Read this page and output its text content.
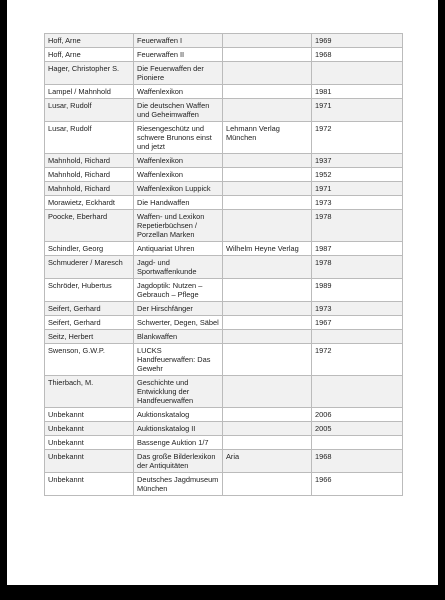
Hoff, Arne	Feuerwaffen I		1969
Hoff, Arne	Feuerwaffen II		1968
Hager, Christopher S.	Die Feuerwaffen der Pioniere		
Lampel / Mahnhold	Waffenlexikon		1981
Lusar, Rudolf	Die deutschen Waffen und Geheimwaffen		1971
Lusar, Rudolf	Riesengeschütz und schwere Brunons einst und jetzt	Lehmann Verlag München	1972
Mahnhold, Richard	Waffenlexikon		1937
Mahnhold, Richard	Waffenlexikon		1952
Mahnhold, Richard	Waffenlexikon Luppick		1971
Morawietz, Eckhardt	Die Handwaffen		1973
Poocke, Eberhard	Waffen- und Lexikon Repetierbüchsen / Porzellan Marken		1978
Schindler, Georg	Antiquariat Uhren	Wilhelm Heyne Verlag	1987
Schmuderer / Maresch	Jagd- und Sportwaffenkunde		1978
Schröder, Hubertus	Jagdoptik: Nutzen – Gebrauch – Pflege		1989
Seifert, Gerhard	Der Hirschfänger		1973
Seifert, Gerhard	Schwerter, Degen, Säbel		1967
Seitz, Herbert	Blankwaffen		
Swenson, G.W.P.	LUCKS Handfeuerwaffen: Das Gewehr		1972
Thierbach, M.	Geschichte und Entwicklung der Handfeuerwaffen		
Unbekannt	Auktionskatalog		2006
Unbekannt	Auktionskatalog II		2005
Unbekannt	Bassenge Auktion 1/7		
Unbekannt	Das große Bilderlexikon der Antiquitäten	Aria	1968
Unbekannt	Deutsches Jagdmuseum München		1966
